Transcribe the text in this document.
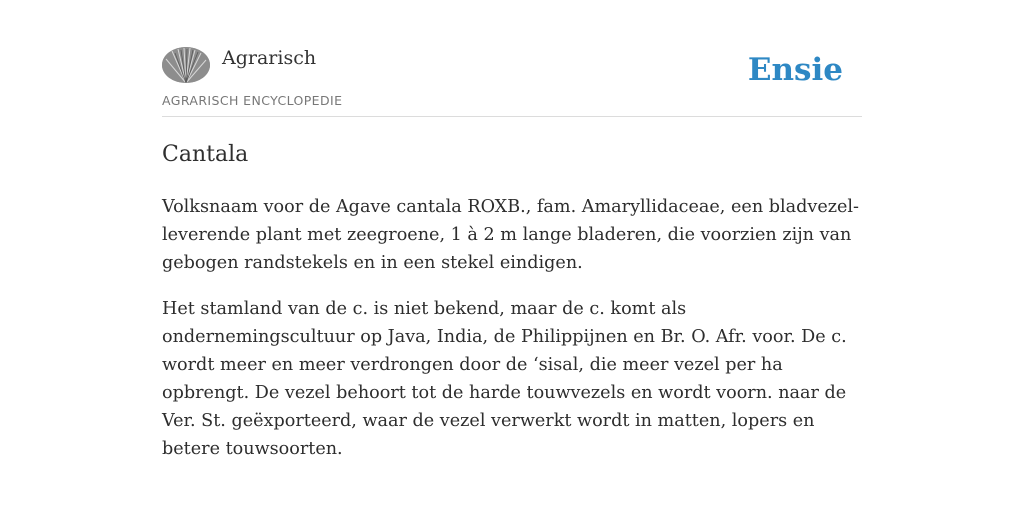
Agrarisch
AGRARISCH ENCYCLOPEDIE
Ensie
Cantala

Volksnaam voor de Agave cantala ROXB., fam. Amaryllidaceae, een bladvezel-leverende plant met zeegroene, 1 à 2 m lange bladeren, die voorzien zijn van gebogen randstekels en in een stekel eindigen.

Het stamland van de c. is niet bekend, maar de c. komt als ondernemingscultuur op Java, India, de Philippijnen en Br. O. Afr. voor. De c. wordt meer en meer verdrongen door de ‘sisal, die meer vezel per ha opbrengt. De vezel behoort tot de harde touwvezels en wordt voorn. naar de Ver. St. geëxporteerd, waar de vezel verwerkt wordt in matten, lopers en betere touwsoorten.
